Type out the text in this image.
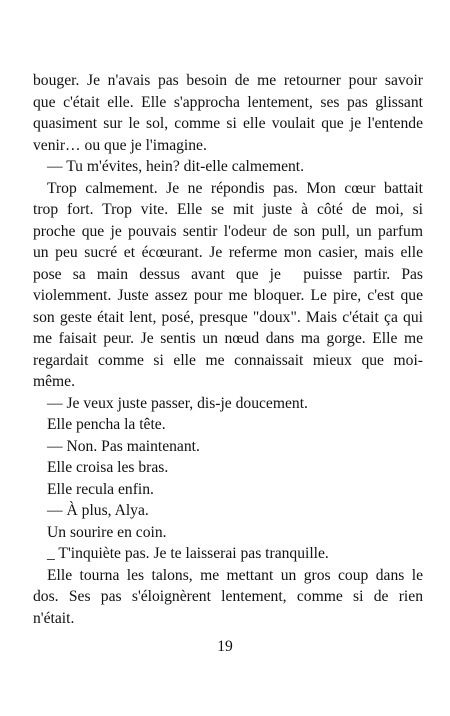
bouger. Je n'avais pas besoin de me retourner pour savoir
que c'était elle. Elle s'approcha lentement, ses pas glissant
quasiment sur le sol, comme si elle voulait que je l'entende
venir… ou que je l'imagine.
— Tu m'évites, hein? dit-elle calmement.
Trop calmement. Je ne répondis pas. Mon cœur battait
trop fort. Trop vite. Elle se mit juste à côté de moi, si
proche que je pouvais sentir l'odeur de son pull, un parfum
un peu sucré et écœurant. Je referme mon casier, mais elle
pose sa main dessus avant que je  puisse partir. Pas
violemment. Juste assez pour me bloquer. Le pire, c'est que
son geste était lent, posé, presque "doux". Mais c'était ça qui
me faisait peur. Je sentis un nœud dans ma gorge. Elle me
regardait comme si elle me connaissait mieux que moi-
même.
— Je veux juste passer, dis-je doucement.
Elle pencha la tête.
— Non. Pas maintenant.
Elle croisa les bras.
Elle recula enfin.
— À plus, Alya.
Un sourire en coin.
_ T'inquiète pas. Je te laisserai pas tranquille.
Elle tourna les talons, me mettant un gros coup dans le
dos. Ses pas s'éloignèrent lentement, comme si de rien
n'était.
19
